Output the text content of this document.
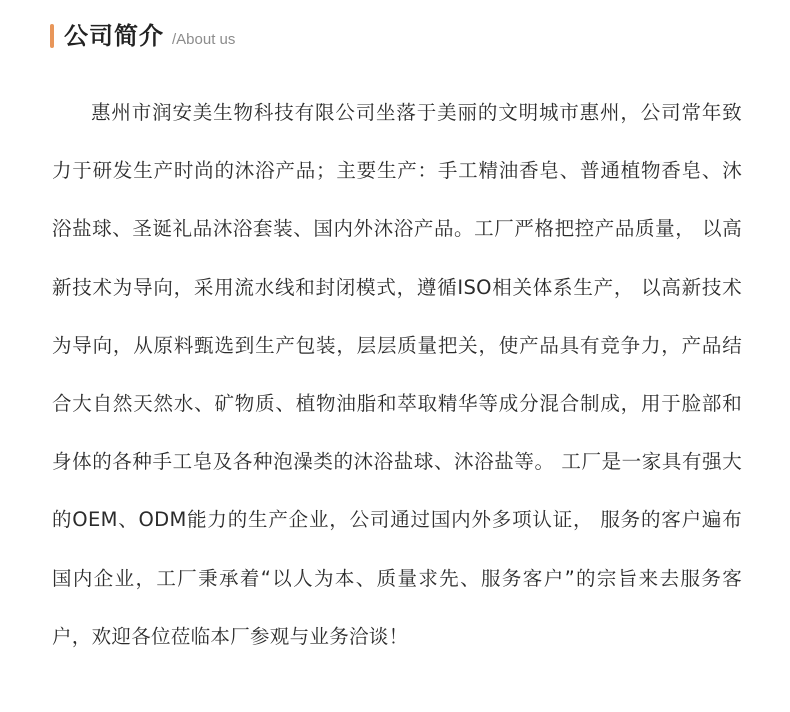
公司简介 /About us

惠州市润安美生物科技有限公司坐落于美丽的文明城市惠州，公司常年致力于研发生产时尚的沐浴产品；主要生产：手工精油香皂、普通植物香皂、沐浴盐球、圣诞礼品沐浴套装、国内外沐浴产品。工厂严格把控产品质量， 以高新技术为导向，采用流水线和封闭模式，遵循ISO相关体系生产， 以高新技术为导向，从原料甄选到生产包装，层层质量把关，使产品具有竞争力，产品结合大自然天然水、矿物质、植物油脂和萃取精华等成分混合制成，用于脸部和身体的各种手工皂及各种泡澡类的沐浴盐球、沐浴盐等。 工厂是一家具有强大的OEM、ODM能力的生产企业，公司通过国内外多项认证， 服务的客户遍布国内企业，工厂秉承着“以人为本、质量求先、服务客户”的宗旨来去服务客户，欢迎各位莅临本厂参观与业务洽谈！
